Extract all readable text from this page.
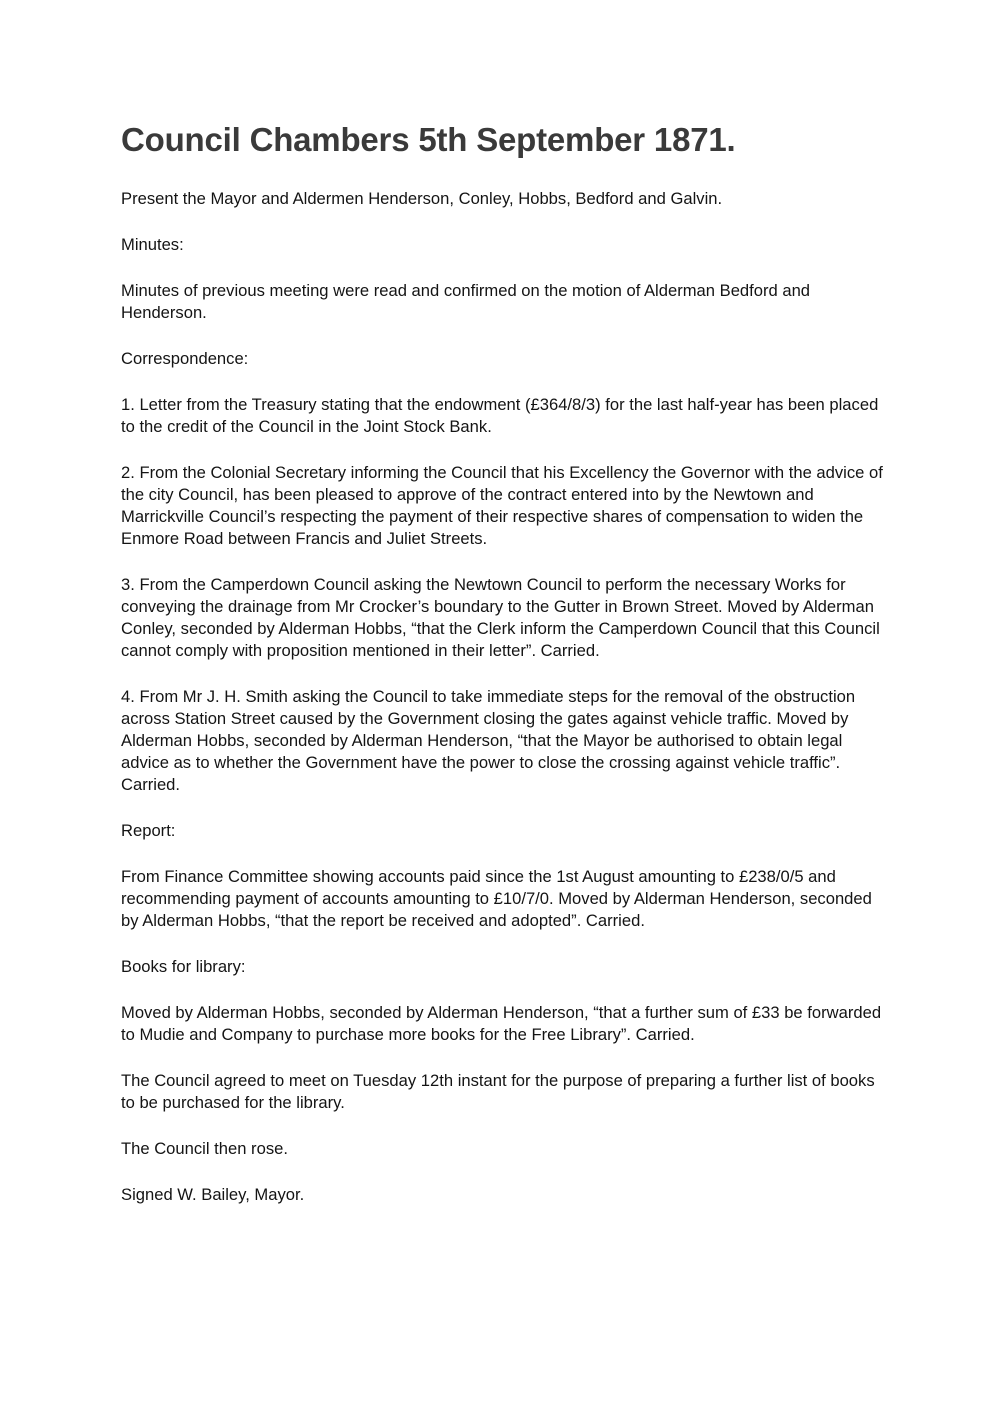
Council Chambers 5th September 1871.

Present the Mayor and Aldermen Henderson, Conley, Hobbs, Bedford and Galvin.

Minutes:

Minutes of previous meeting were read and confirmed on the motion of Alderman Bedford and Henderson.

Correspondence:

1. Letter from the Treasury stating that the endowment (£364/8/3) for the last half-year has been placed to the credit of the Council in the Joint Stock Bank.

2. From the Colonial Secretary informing the Council that his Excellency the Governor with the advice of the city Council, has been pleased to approve of the contract entered into by the Newtown and Marrickville Council’s respecting the payment of their respective shares of compensation to widen the Enmore Road between Francis and Juliet Streets.

3. From the Camperdown Council asking the Newtown Council to perform the necessary Works for conveying the drainage from Mr Crocker’s boundary to the Gutter in Brown Street. Moved by Alderman Conley, seconded by Alderman Hobbs, “that the Clerk inform the Camperdown Council that this Council cannot comply with proposition mentioned in their letter”. Carried.

4. From Mr J. H. Smith asking the Council to take immediate steps for the removal of the obstruction across Station Street caused by the Government closing the gates against vehicle traffic. Moved by Alderman Hobbs, seconded by Alderman Henderson, “that the Mayor be authorised to obtain legal advice as to whether the Government have the power to close the crossing against vehicle traffic”. Carried.

Report:

From Finance Committee showing accounts paid since the 1st August amounting to £238/0/5 and recommending payment of accounts amounting to £10/7/0. Moved by Alderman Henderson, seconded by Alderman Hobbs, “that the report be received and adopted”. Carried.

Books for library:

Moved by Alderman Hobbs, seconded by Alderman Henderson, “that a further sum of £33 be forwarded to Mudie and Company to purchase more books for the Free Library”. Carried.

The Council agreed to meet on Tuesday 12th instant for the purpose of preparing a further list of books to be purchased for the library.

The Council then rose.

Signed W. Bailey, Mayor.
